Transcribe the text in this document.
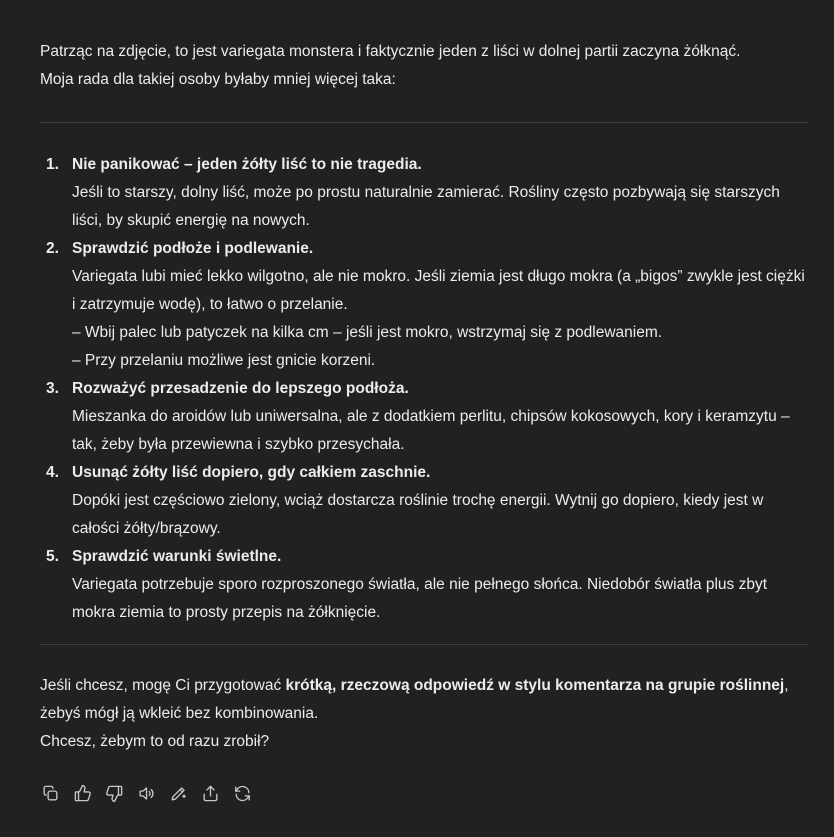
Patrząc na zdjęcie, to jest variegata monstera i faktycznie jeden z liści w dolnej partii zaczyna żółknąć.
Moja rada dla takiej osoby byłaby mniej więcej taka:

1. Nie panikować – jeden żółty liść to nie tragedia.
Jeśli to starszy, dolny liść, może po prostu naturalnie zamierać. Rośliny często pozbywają się starszych liści, by skupić energię na nowych.
2. Sprawdzić podłoże i podlewanie.
Variegata lubi mieć lekko wilgotno, ale nie mokro. Jeśli ziemia jest długo mokra (a „bigos” zwykle jest ciężki i zatrzymuje wodę), to łatwo o przelanie.
– Wbij palec lub patyczek na kilka cm – jeśli jest mokro, wstrzymaj się z podlewaniem.
– Przy przelaniu możliwe jest gnicie korzeni.
3. Rozważyć przesadzenie do lepszego podłoża.
Mieszanka do aroidów lub uniwersalna, ale z dodatkiem perlitu, chipsów kokosowych, kory i keramzytu – tak, żeby była przewiewna i szybko przesychała.
4. Usunąć żółty liść dopiero, gdy całkiem zaschnie.
Dopóki jest częściowo zielony, wciąż dostarcza roślinie trochę energii. Wytnij go dopiero, kiedy jest w całości żółty/brązowy.
5. Sprawdzić warunki świetlne.
Variegata potrzebuje sporo rozproszonego światła, ale nie pełnego słońca. Niedobór światła plus zbyt mokra ziemia to prosty przepis na żółknięcie.

Jeśli chcesz, mogę Ci przygotować krótką, rzeczową odpowiedź w stylu komentarza na grupie roślinnej, żebyś mógł ją wkleić bez kombinowania.
Chcesz, żebym to od razu zrobił?
